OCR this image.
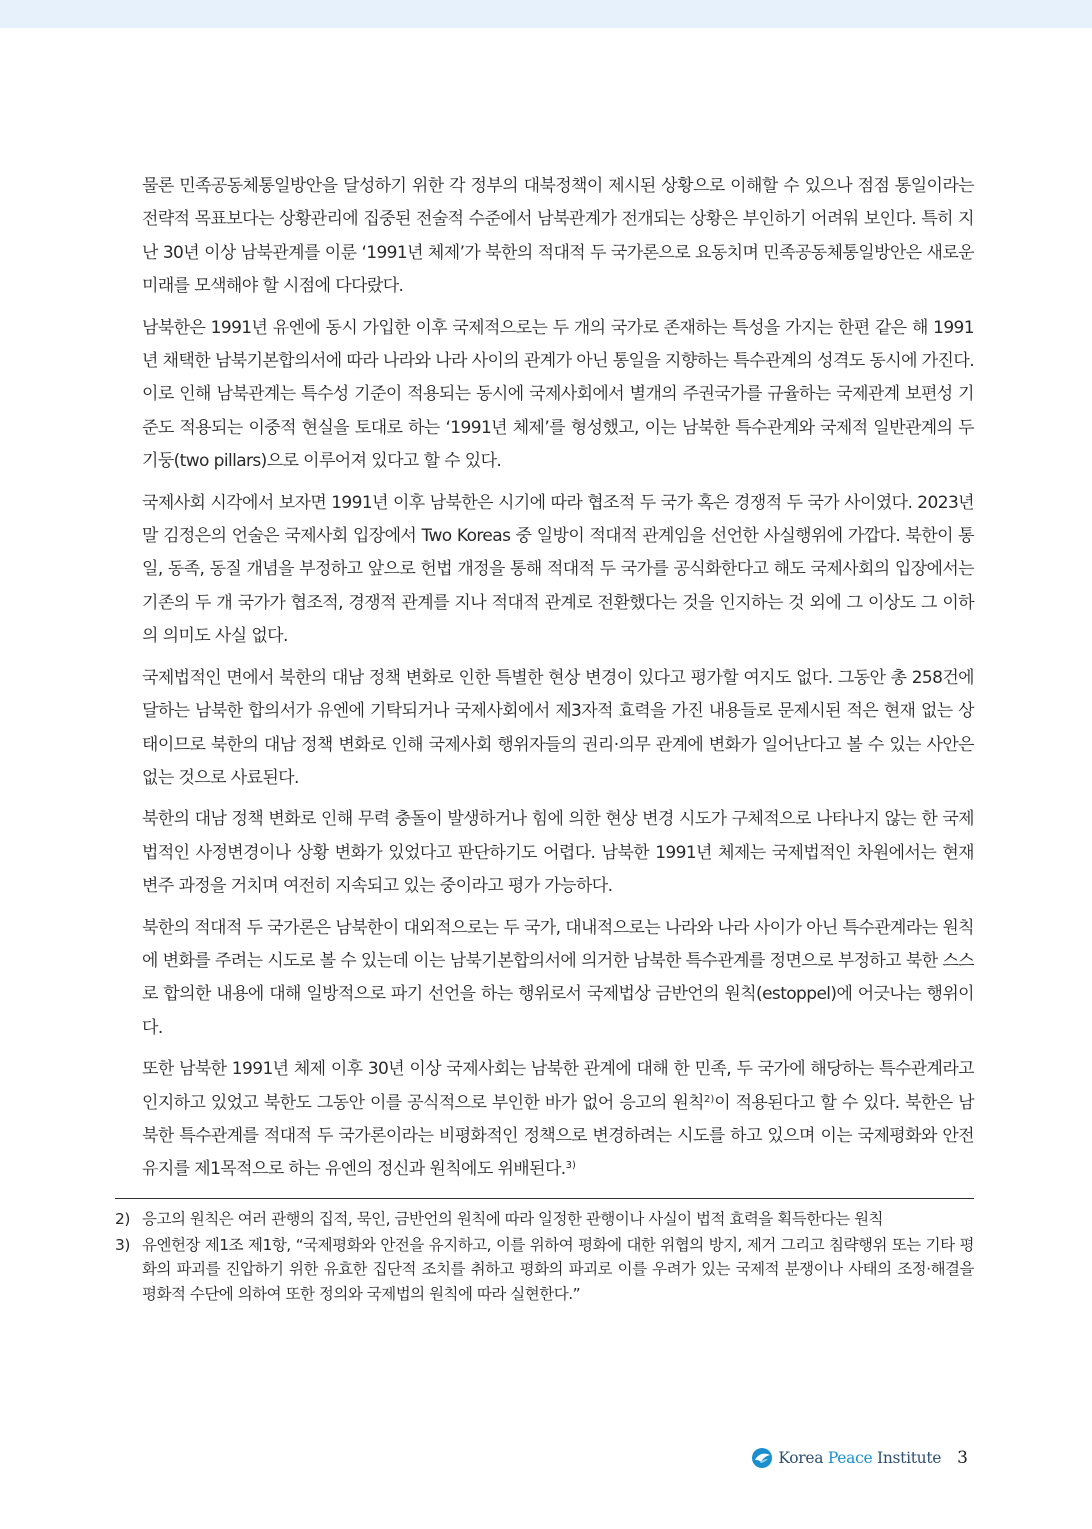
물론 민족공동체통일방안을 달성하기 위한 각 정부의 대북정책이 제시된 상황으로 이해할 수 있으나 점점 통일이라는 전략적 목표보다는 상황관리에 집중된 전술적 수준에서 남북관계가 전개되는 상황은 부인하기 어려워 보인다. 특히 지난 30년 이상 남북관계를 이룬 ‘1991년 체제’가 북한의 적대적 두 국가론으로 요동치며 민족공동체통일방안은 새로운 미래를 모색해야 할 시점에 다다랐다.

남북한은 1991년 유엔에 동시 가입한 이후 국제적으로는 두 개의 국가로 존재하는 특성을 가지는 한편 같은 해 1991년 채택한 남북기본합의서에 따라 나라와 나라 사이의 관계가 아닌 통일을 지향하는 특수관계의 성격도 동시에 가진다. 이로 인해 남북관계는 특수성 기준이 적용되는 동시에 국제사회에서 별개의 주권국가를 규율하는 국제관계 보편성 기준도 적용되는 이중적 현실을 토대로 하는 ‘1991년 체제’를 형성했고, 이는 남북한 특수관계와 국제적 일반관계의 두 기둥(two pillars)으로 이루어져 있다고 할 수 있다.

국제사회 시각에서 보자면 1991년 이후 남북한은 시기에 따라 협조적 두 국가 혹은 경쟁적 두 국가 사이였다. 2023년 말 김정은의 언술은 국제사회 입장에서 Two Koreas 중 일방이 적대적 관계임을 선언한 사실행위에 가깝다. 북한이 통일, 동족, 동질 개념을 부정하고 앞으로 헌법 개정을 통해 적대적 두 국가를 공식화한다고 해도 국제사회의 입장에서는 기존의 두 개 국가가 협조적, 경쟁적 관계를 지나 적대적 관계로 전환했다는 것을 인지하는 것 외에 그 이상도 그 이하의 의미도 사실 없다.

국제법적인 면에서 북한의 대남 정책 변화로 인한 특별한 현상 변경이 있다고 평가할 여지도 없다. 그동안 총 258건에 달하는 남북한 합의서가 유엔에 기탁되거나 국제사회에서 제3자적 효력을 가진 내용들로 문제시된 적은 현재 없는 상태이므로 북한의 대남 정책 변화로 인해 국제사회 행위자들의 권리·의무 관계에 변화가 일어난다고 볼 수 있는 사안은 없는 것으로 사료된다.

북한의 대남 정책 변화로 인해 무력 충돌이 발생하거나 힘에 의한 현상 변경 시도가 구체적으로 나타나지 않는 한 국제법적인 사정변경이나 상황 변화가 있었다고 판단하기도 어렵다. 남북한 1991년 체제는 국제법적인 차원에서는 현재 변주 과정을 거치며 여전히 지속되고 있는 중이라고 평가 가능하다.

북한의 적대적 두 국가론은 남북한이 대외적으로는 두 국가, 대내적으로는 나라와 나라 사이가 아닌 특수관계라는 원칙에 변화를 주려는 시도로 볼 수 있는데 이는 남북기본합의서에 의거한 남북한 특수관계를 정면으로 부정하고 북한 스스로 합의한 내용에 대해 일방적으로 파기 선언을 하는 행위로서 국제법상 금반언의 원칙(estoppel)에 어긋나는 행위이다.

또한 남북한 1991년 체제 이후 30년 이상 국제사회는 남북한 관계에 대해 한 민족, 두 국가에 해당하는 특수관계라고 인지하고 있었고 북한도 그동안 이를 공식적으로 부인한 바가 없어 응고의 원칙$^{2)}$이 적용된다고 할 수 있다. 북한은 남북한 특수관계를 적대적 두 국가론이라는 비평화적인 정책으로 변경하려는 시도를 하고 있으며 이는 국제평화와 안전 유지를 제1목적으로 하는 유엔의 정신과 원칙에도 위배된다.$^{3)}$

2) 응고의 원칙은 여러 관행의 집적, 묵인, 금반언의 원칙에 따라 일정한 관행이나 사실이 법적 효력을 획득한다는 원칙
3) 유엔헌장 제1조 제1항, “국제평화와 안전을 유지하고, 이를 위하여 평화에 대한 위협의 방지, 제거 그리고 침략행위 또는 기타 평화의 파괴를 진압하기 위한 유효한 집단적 조치를 취하고 평화의 파괴로 이를 우려가 있는 국제적 분쟁이나 사태의 조정·해결을 평화적 수단에 의하여 또한 정의와 국제법의 원칙에 따라 실현한다.”
Korea Peace Institute 3
